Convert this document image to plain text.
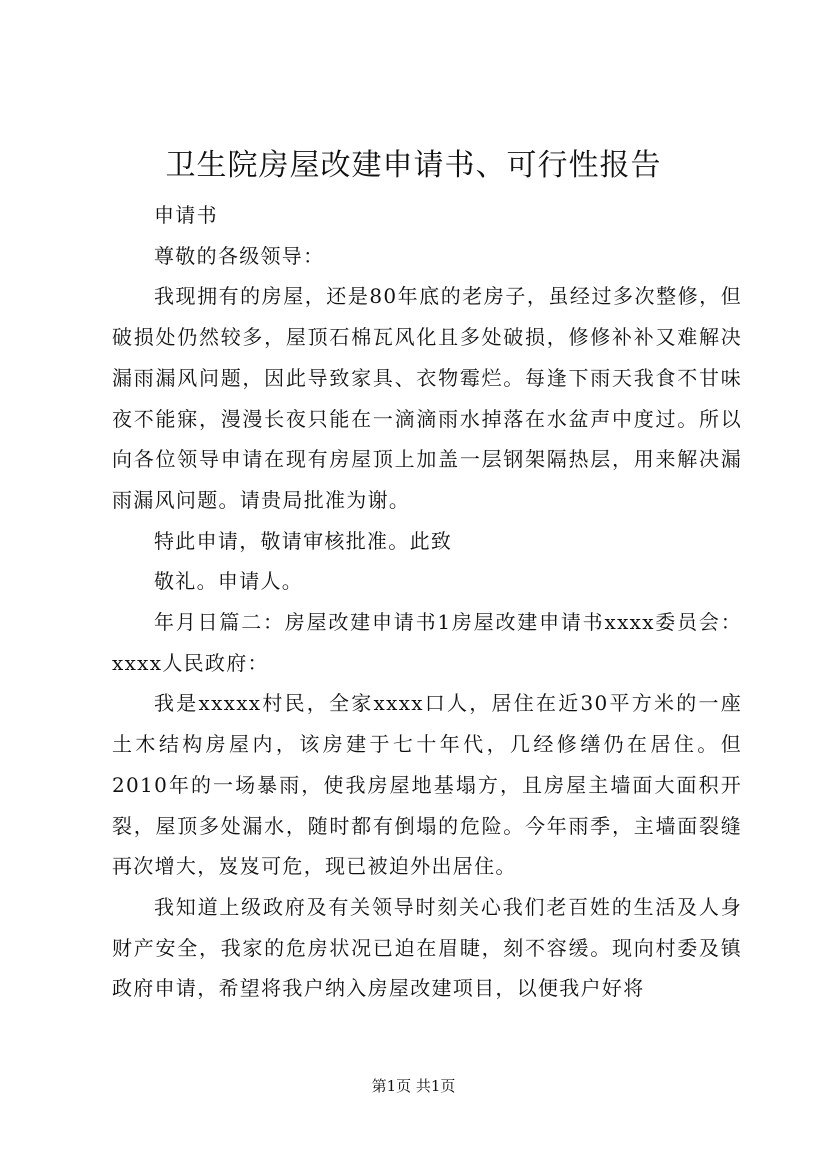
卫生院房屋改建申请书、可行性报告

申请书

尊敬的各级领导：

我现拥有的房屋，还是80年底的老房子，虽经过多次整修，但破损处仍然较多，屋顶石棉瓦风化且多处破损，修修补补又难解决漏雨漏风问题，因此导致家具、衣物霉烂。每逢下雨天我食不甘味夜不能寐，漫漫长夜只能在一滴滴雨水掉落在水盆声中度过。所以向各位领导申请在现有房屋顶上加盖一层钢架隔热层，用来解决漏雨漏风问题。请贵局批准为谢。

特此申请，敬请审核批准。此致

敬礼。申请人。

年月日篇二：房屋改建申请书1房屋改建申请书xxxx委员会：xxxx人民政府：

我是xxxxx村民，全家xxxx口人，居住在近30平方米的一座土木结构房屋内，该房建于七十年代，几经修缮仍在居住。但2010年的一场暴雨，使我房屋地基塌方，且房屋主墙面大面积开裂，屋顶多处漏水，随时都有倒塌的危险。今年雨季，主墙面裂缝再次增大，岌岌可危，现已被迫外出居住。

我知道上级政府及有关领导时刻关心我们老百姓的生活及人身财产安全，我家的危房状况已迫在眉睫，刻不容缓。现向村委及镇政府申请，希望将我户纳入房屋改建项目，以便我户好将

第1页 共1页
